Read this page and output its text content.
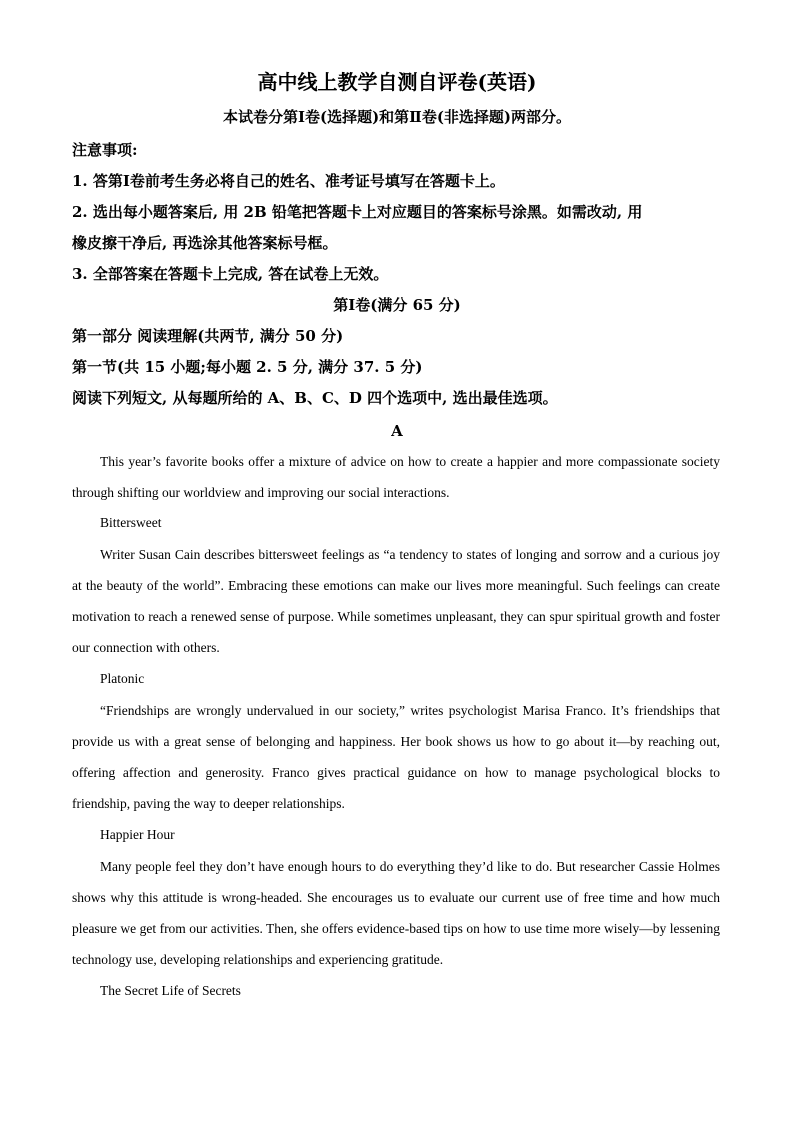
高中线上教学自测自评卷(英语)
本试卷分第Ⅰ卷(选择题)和第Ⅱ卷(非选择题)两部分。
注意事项:
1. 答第Ⅰ卷前考生务必将自己的姓名、准考证号填写在答题卡上。
2. 选出每小题答案后, 用 2B 铅笔把答题卡上对应题目的答案标号涂黑。如需改动, 用
橡皮擦干净后, 再选涂其他答案标号框。
3. 全部答案在答题卡上完成, 答在试卷上无效。
第Ⅰ卷(满分 65 分)
第一部分 阅读理解(共两节, 满分 50 分)
第一节(共 15 小题;每小题 2. 5 分, 满分 37. 5 分)
阅读下列短文, 从每题所给的 A、B、C、D 四个选项中, 选出最佳选项。
A

This year’s favorite books offer a mixture of advice on how to create a happier and more compassionate society through shifting our worldview and improving our social interactions.

Bittersweet

Writer Susan Cain describes bittersweet feelings as “a tendency to states of longing and sorrow and a curious joy at the beauty of the world”. Embracing these emotions can make our lives more meaningful. Such feelings can create motivation to reach a renewed sense of purpose. While sometimes unpleasant, they can spur spiritual growth and foster our connection with others.

Platonic

“Friendships are wrongly undervalued in our society,” writes psychologist Marisa Franco. It’s friendships that provide us with a great sense of belonging and happiness. Her book shows us how to go about it—by reaching out, offering affection and generosity. Franco gives practical guidance on how to manage psychological blocks to friendship, paving the way to deeper relationships.

Happier Hour

Many people feel they don’t have enough hours to do everything they’d like to do. But researcher Cassie Holmes shows why this attitude is wrong-headed. She encourages us to evaluate our current use of free time and how much pleasure we get from our activities. Then, she offers evidence-based tips on how to use time more wisely—by lessening technology use, developing relationships and experiencing gratitude.

The Secret Life of Secrets
